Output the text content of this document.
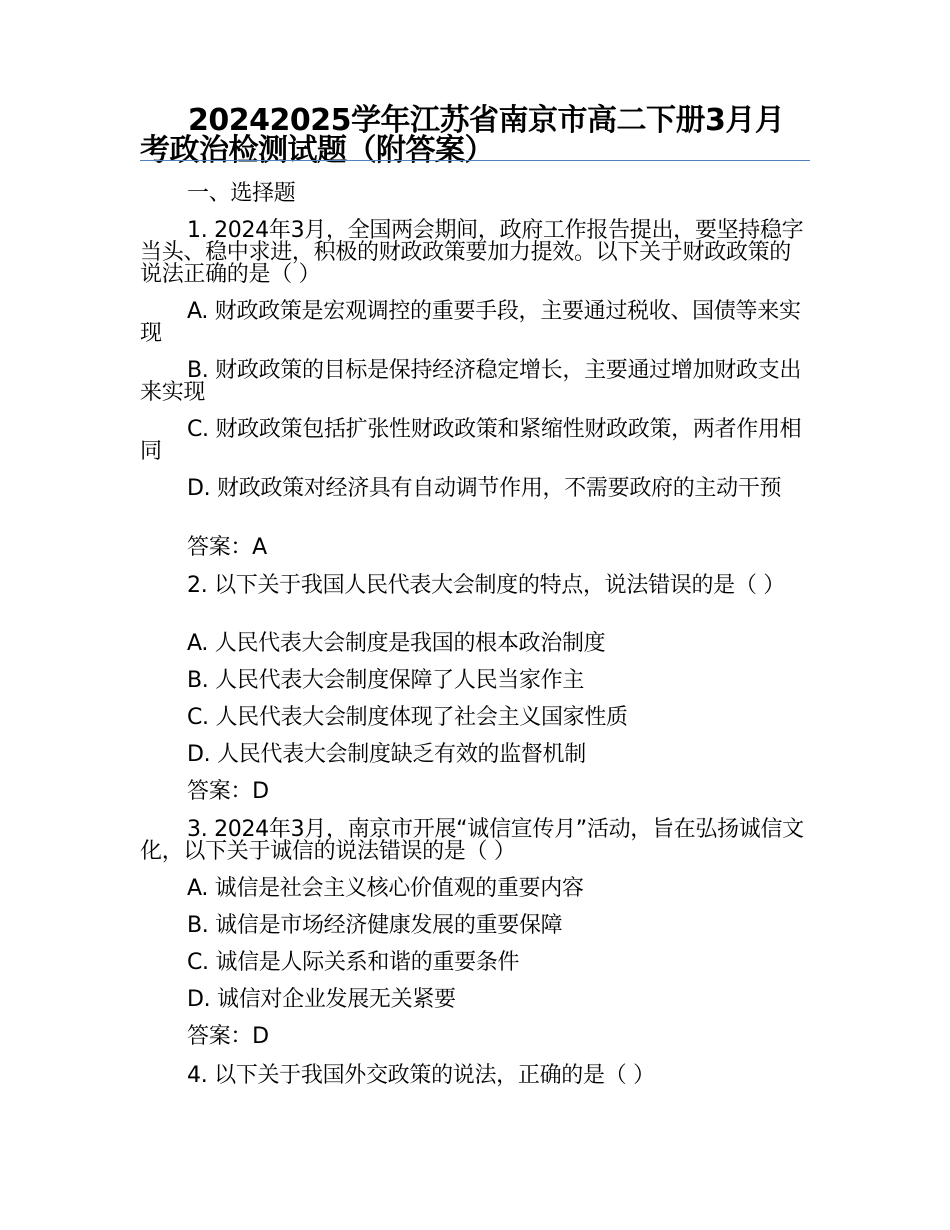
20242025学年江苏省南京市高二下册3月月考政治检测试题（附答案）
一、选择题
1. 2024年3月，全国两会期间，政府工作报告提出，要坚持稳字当头、稳中求进，积极的财政政策要加力提效。以下关于财政政策的说法正确的是（ ）
A. 财政政策是宏观调控的重要手段，主要通过税收、国债等来实现
B. 财政政策的目标是保持经济稳定增长，主要通过增加财政支出来实现
C. 财政政策包括扩张性财政政策和紧缩性财政政策，两者作用相同
D. 财政政策对经济具有自动调节作用，不需要政府的主动干预
答案：A
2. 以下关于我国人民代表大会制度的特点，说法错误的是（ ）
A. 人民代表大会制度是我国的根本政治制度
B. 人民代表大会制度保障了人民当家作主
C. 人民代表大会制度体现了社会主义国家性质
D. 人民代表大会制度缺乏有效的监督机制
答案：D
3. 2024年3月，南京市开展“诚信宣传月”活动，旨在弘扬诚信文化，以下关于诚信的说法错误的是（ ）
A. 诚信是社会主义核心价值观的重要内容
B. 诚信是市场经济健康发展的重要保障
C. 诚信是人际关系和谐的重要条件
D. 诚信对企业发展无关紧要
答案：D
4. 以下关于我国外交政策的说法，正确的是（ ）
